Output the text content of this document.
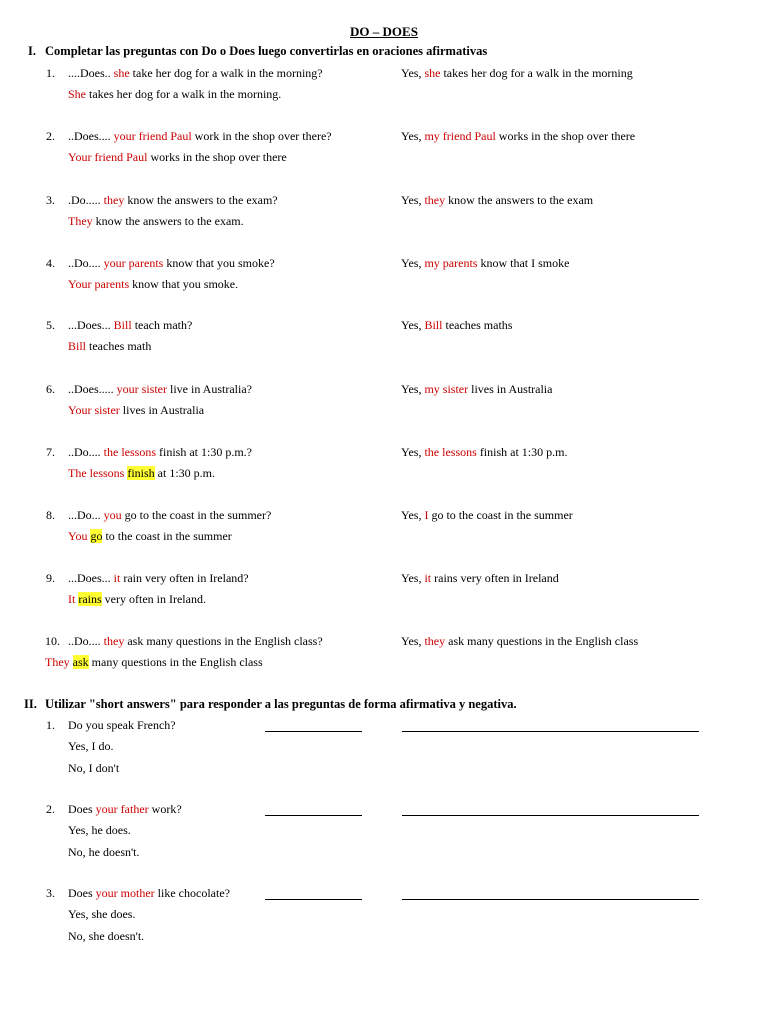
DO – DOES
I. Completar las preguntas con Do o Does luego convertirlas en oraciones afirmativas
1. ....Does.. she take her dog for a walk in the morning?	Yes, she takes her dog for a walk in the morning
She takes her dog for a walk in the morning.
2. ..Does.... your friend Paul work in the shop over there?	Yes, my friend Paul works in the shop over there
Your friend Paul works in the shop over there
3. .Do..... they know the answers to the exam?	Yes, they know the answers to the exam
They know the answers to the exam.
4. ..Do.... your parents know that you smoke?	Yes, my parents know that I smoke
Your parents know that you smoke.
5. ...Does... Bill teach math?	Yes, Bill teaches maths
Bill teaches math
6. ..Does..... your sister live in Australia?	Yes, my sister lives in Australia
Your sister lives in Australia
7. ..Do.... the lessons finish at 1:30 p.m.?	Yes, the lessons finish at 1:30 p.m.
The lessons finish at 1:30 p.m.
8. ...Do... you go to the coast in the summer?	Yes, I go to the coast in the summer
You go to the coast in the summer
9. ...Does... it rain very often in Ireland?	Yes, it rains very often in Ireland
It rains very often in Ireland.
10. ..Do.... they ask many questions in the English class?	Yes, they ask many questions in the English class
They ask many questions in the English class
II. Utilizar "short answers" para responder a las preguntas de forma afirmativa y negativa.
1. Do you speak French?
Yes, I do.
No, I don't
2. Does your father work?
Yes, he does.
No, he doesn't.
3. Does your mother like chocolate?
Yes, she does.
No, she doesn't.
